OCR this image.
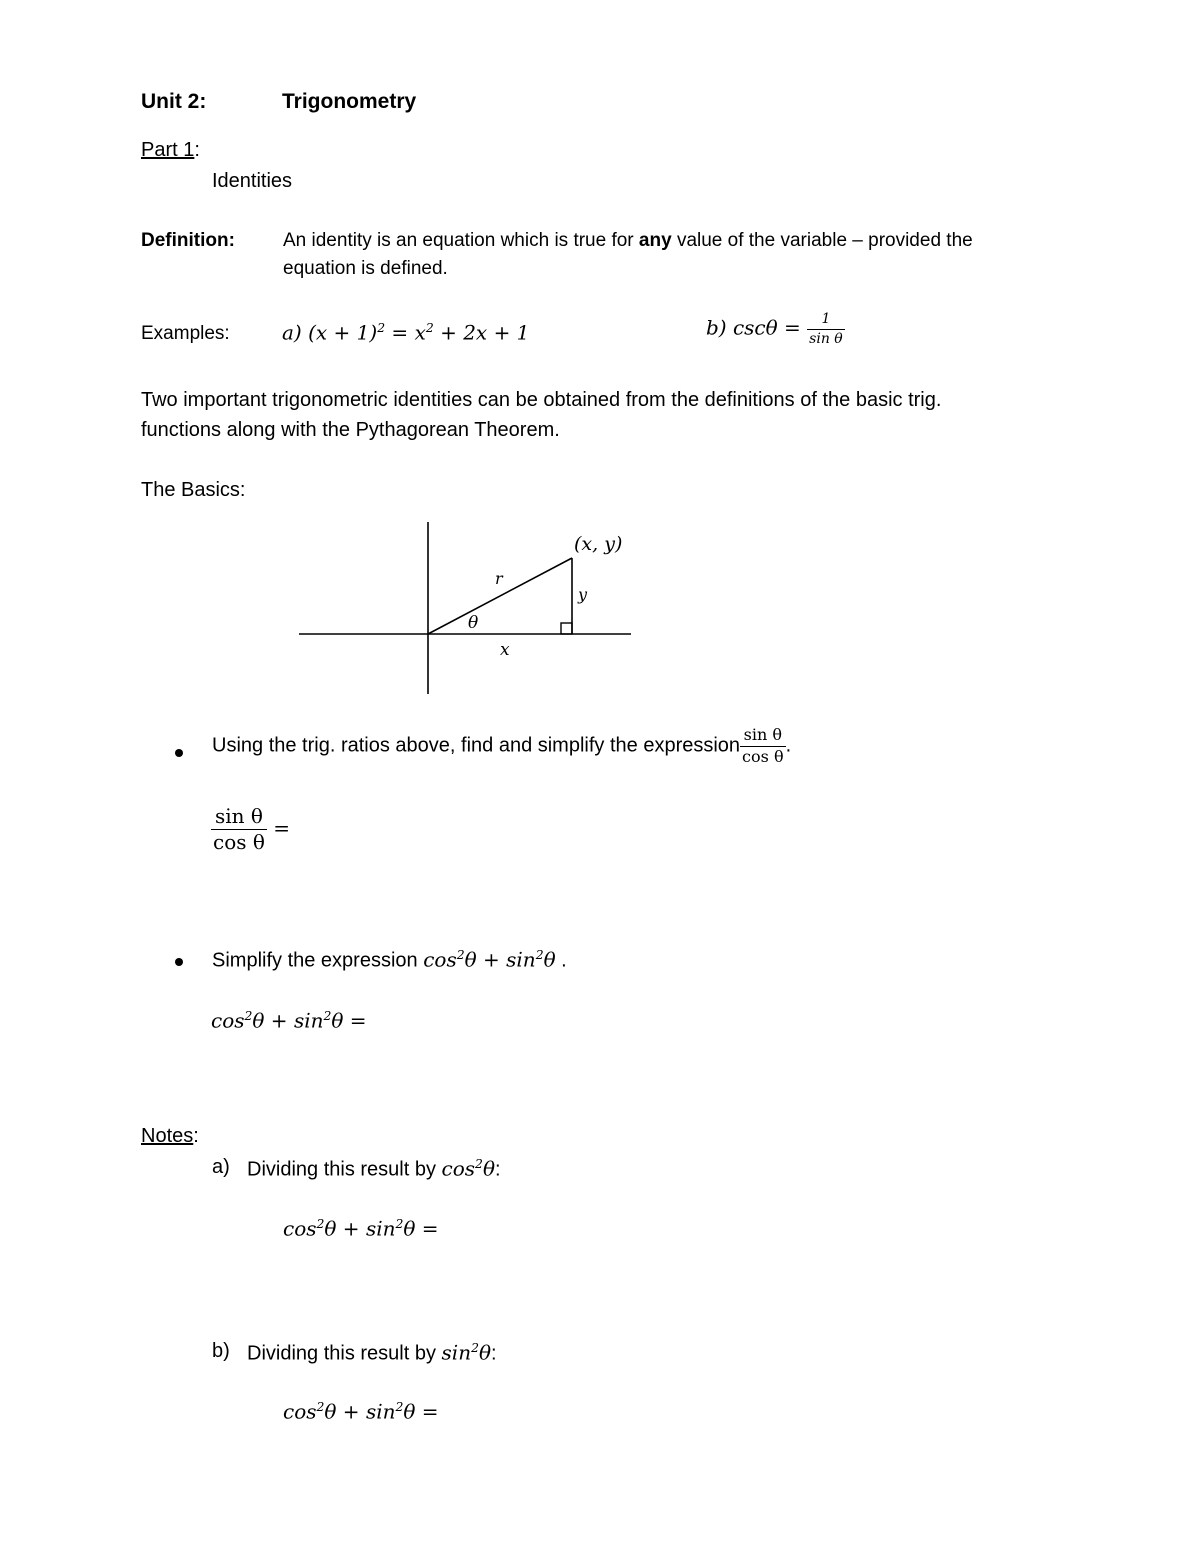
Unit 2:	Trigonometry
Part 1:
Identities
Definition:	An identity is an equation which is true for any value of the variable – provided the
equation is defined.
Examples:	a) $(x + 1)^2 = x^2 + 2x + 1$	b) $\csc\theta = \frac{1}{\text{sin θ}}$
Two important trigonometric identities can be obtained from the definitions of the basic trig.
functions along with the Pythagorean Theorem.
The Basics:
(x, y)
r
y
x
θ
Using the trig. ratios above, find and simplify the expression $\frac{\text{sin θ}}{\text{cos θ}}$ .
$\frac{\text{sin θ}}{\text{cos θ}}$ =
Simplify the expression $\cos^2\theta + \sin^2\theta$ .
$\cos^2\theta + \sin^2\theta$ =
Notes:
a) Dividing this result by $\cos^2\theta$:
$\cos^2\theta + \sin^2\theta$ =
b) Dividing this result by $\sin^2\theta$:
$\cos^2\theta + \sin^2\theta$ =
